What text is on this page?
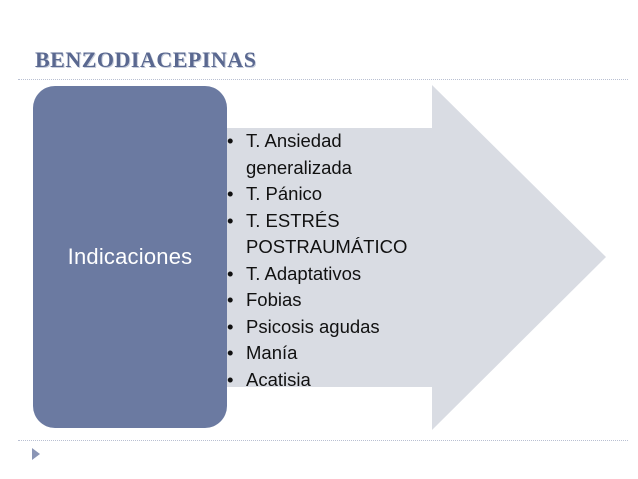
BENZODIACEPINAS
Indicaciones
• T. Ansiedad generalizada
• T. Pánico
• T. ESTRÉS POSTRAUMÁTICO
• T. Adaptativos
• Fobias
• Psicosis agudas
• Manía
• Acatisia
